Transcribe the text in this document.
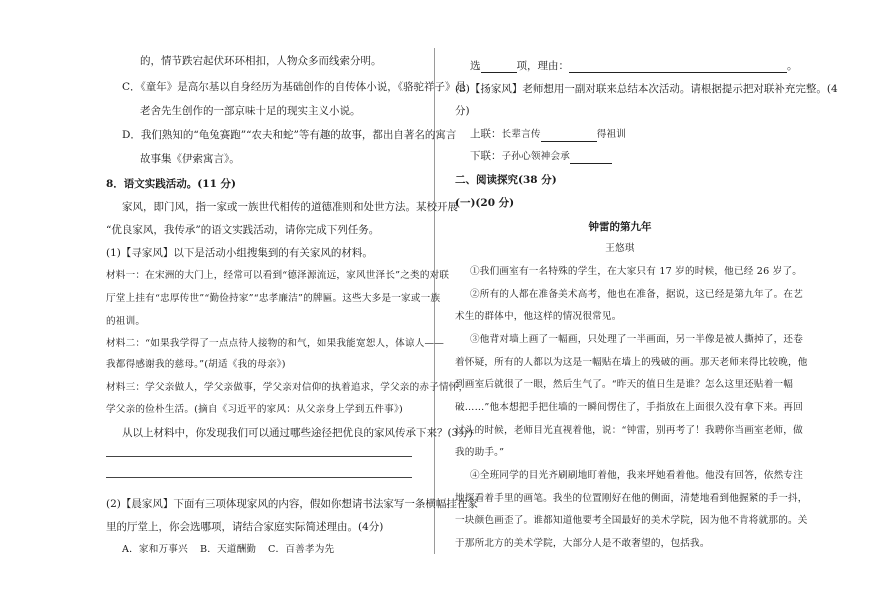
的，情节跌宕起伏环环相扣，人物众多而线索分明。
C．《童年》是高尔基以自身经历为基础创作的自传体小说，《骆驼祥子》是
老舍先生创作的一部京味十足的现实主义小说。
D．我们熟知的“龟兔赛跑”“农夫和蛇”等有趣的故事，都出自著名的寓言
故事集《伊索寓言》。
8．语文实践活动。(11 分)
家风，即门风，指一家或一族世代相传的道德准则和处世方法。某校开展
“优良家风，我传承”的语文实践活动，请你完成下列任务。
(1)【寻家风】以下是活动小组搜集到的有关家风的材料。
材料一：在宋洲的大门上，经常可以看到“德泽源流远，家风世泽长”之类的对联
厅堂上挂有“忠厚传世”“勤俭持家”“忠孝廉洁”的牌匾。这些大多是一家或一族
的祖训。
材料二：“如果我学得了一点点待人接物的和气，如果我能宽恕人，体谅人——
我都得感谢我的慈母。”(胡适《我的母亲》)
材料三：学父亲做人，学父亲做事，学父亲对信仰的执着追求，学父亲的赤子情怀，
学父亲的俭朴生活。(摘自《习近平的家风：从父亲身上学到五件事》)
从以上材料中，你发现我们可以通过哪些途径把优良的家风传承下来？(3分)
(2)【晨家风】下面有三项体现家风的内容，假如你想请书法家写一条横幅挂在家
里的厅堂上，你会选哪项，请结合家庭实际简述理由。(4分)
A．家和万事兴 B．天道酬勤 C．百善孝为先
选	项，理由：	。
(3)【扬家风】老师想用一副对联来总结本次活动。请根据提示把对联补充完整。(4
分)
上联：长辈言传	得祖训
下联：子孙心领神会承
二、阅读探究(38 分)
(一)(20 分)
钟雷的第九年
王悠琪
①我们画室有一名特殊的学生，在大家只有 17 岁的时候，他已经 26 岁了。
②所有的人都在准备美术高考，他也在准备，据说，这已经是第九年了。在艺
术生的群体中，他这样的情况很常见。
③他背对墙上画了一幅画，只处理了一半画面，另一半像是被人撕掉了，还卷
着怀疑，所有的人都以为这是一幅贴在墙上的残破的画。那天老师来得比较晚，他
到画室后就很了一眼，然后生气了。“昨天的值日生是谁？怎么这里还贴着一幅
破……”他本想把手把住墙的一瞬间愣住了，手指放在上面很久没有拿下来。再回
过头的时候，老师目光直视着他，说：“钟雷，别再考了！我聘你当画室老师，做
我的助手。”
④全班同学的目光齐刷刷地盯着他，我来坪她看着他。他没有回答，依然专注
地探看着手里的画笔。我坐的位置刚好在他的侧面，清楚地看到他握紧的手一抖，
一块颜色画歪了。谁都知道他要考全国最好的美术学院，因为他不肯将就那的。关
于那所北方的美术学院，大部分人是不敢奢望的，包括我。
